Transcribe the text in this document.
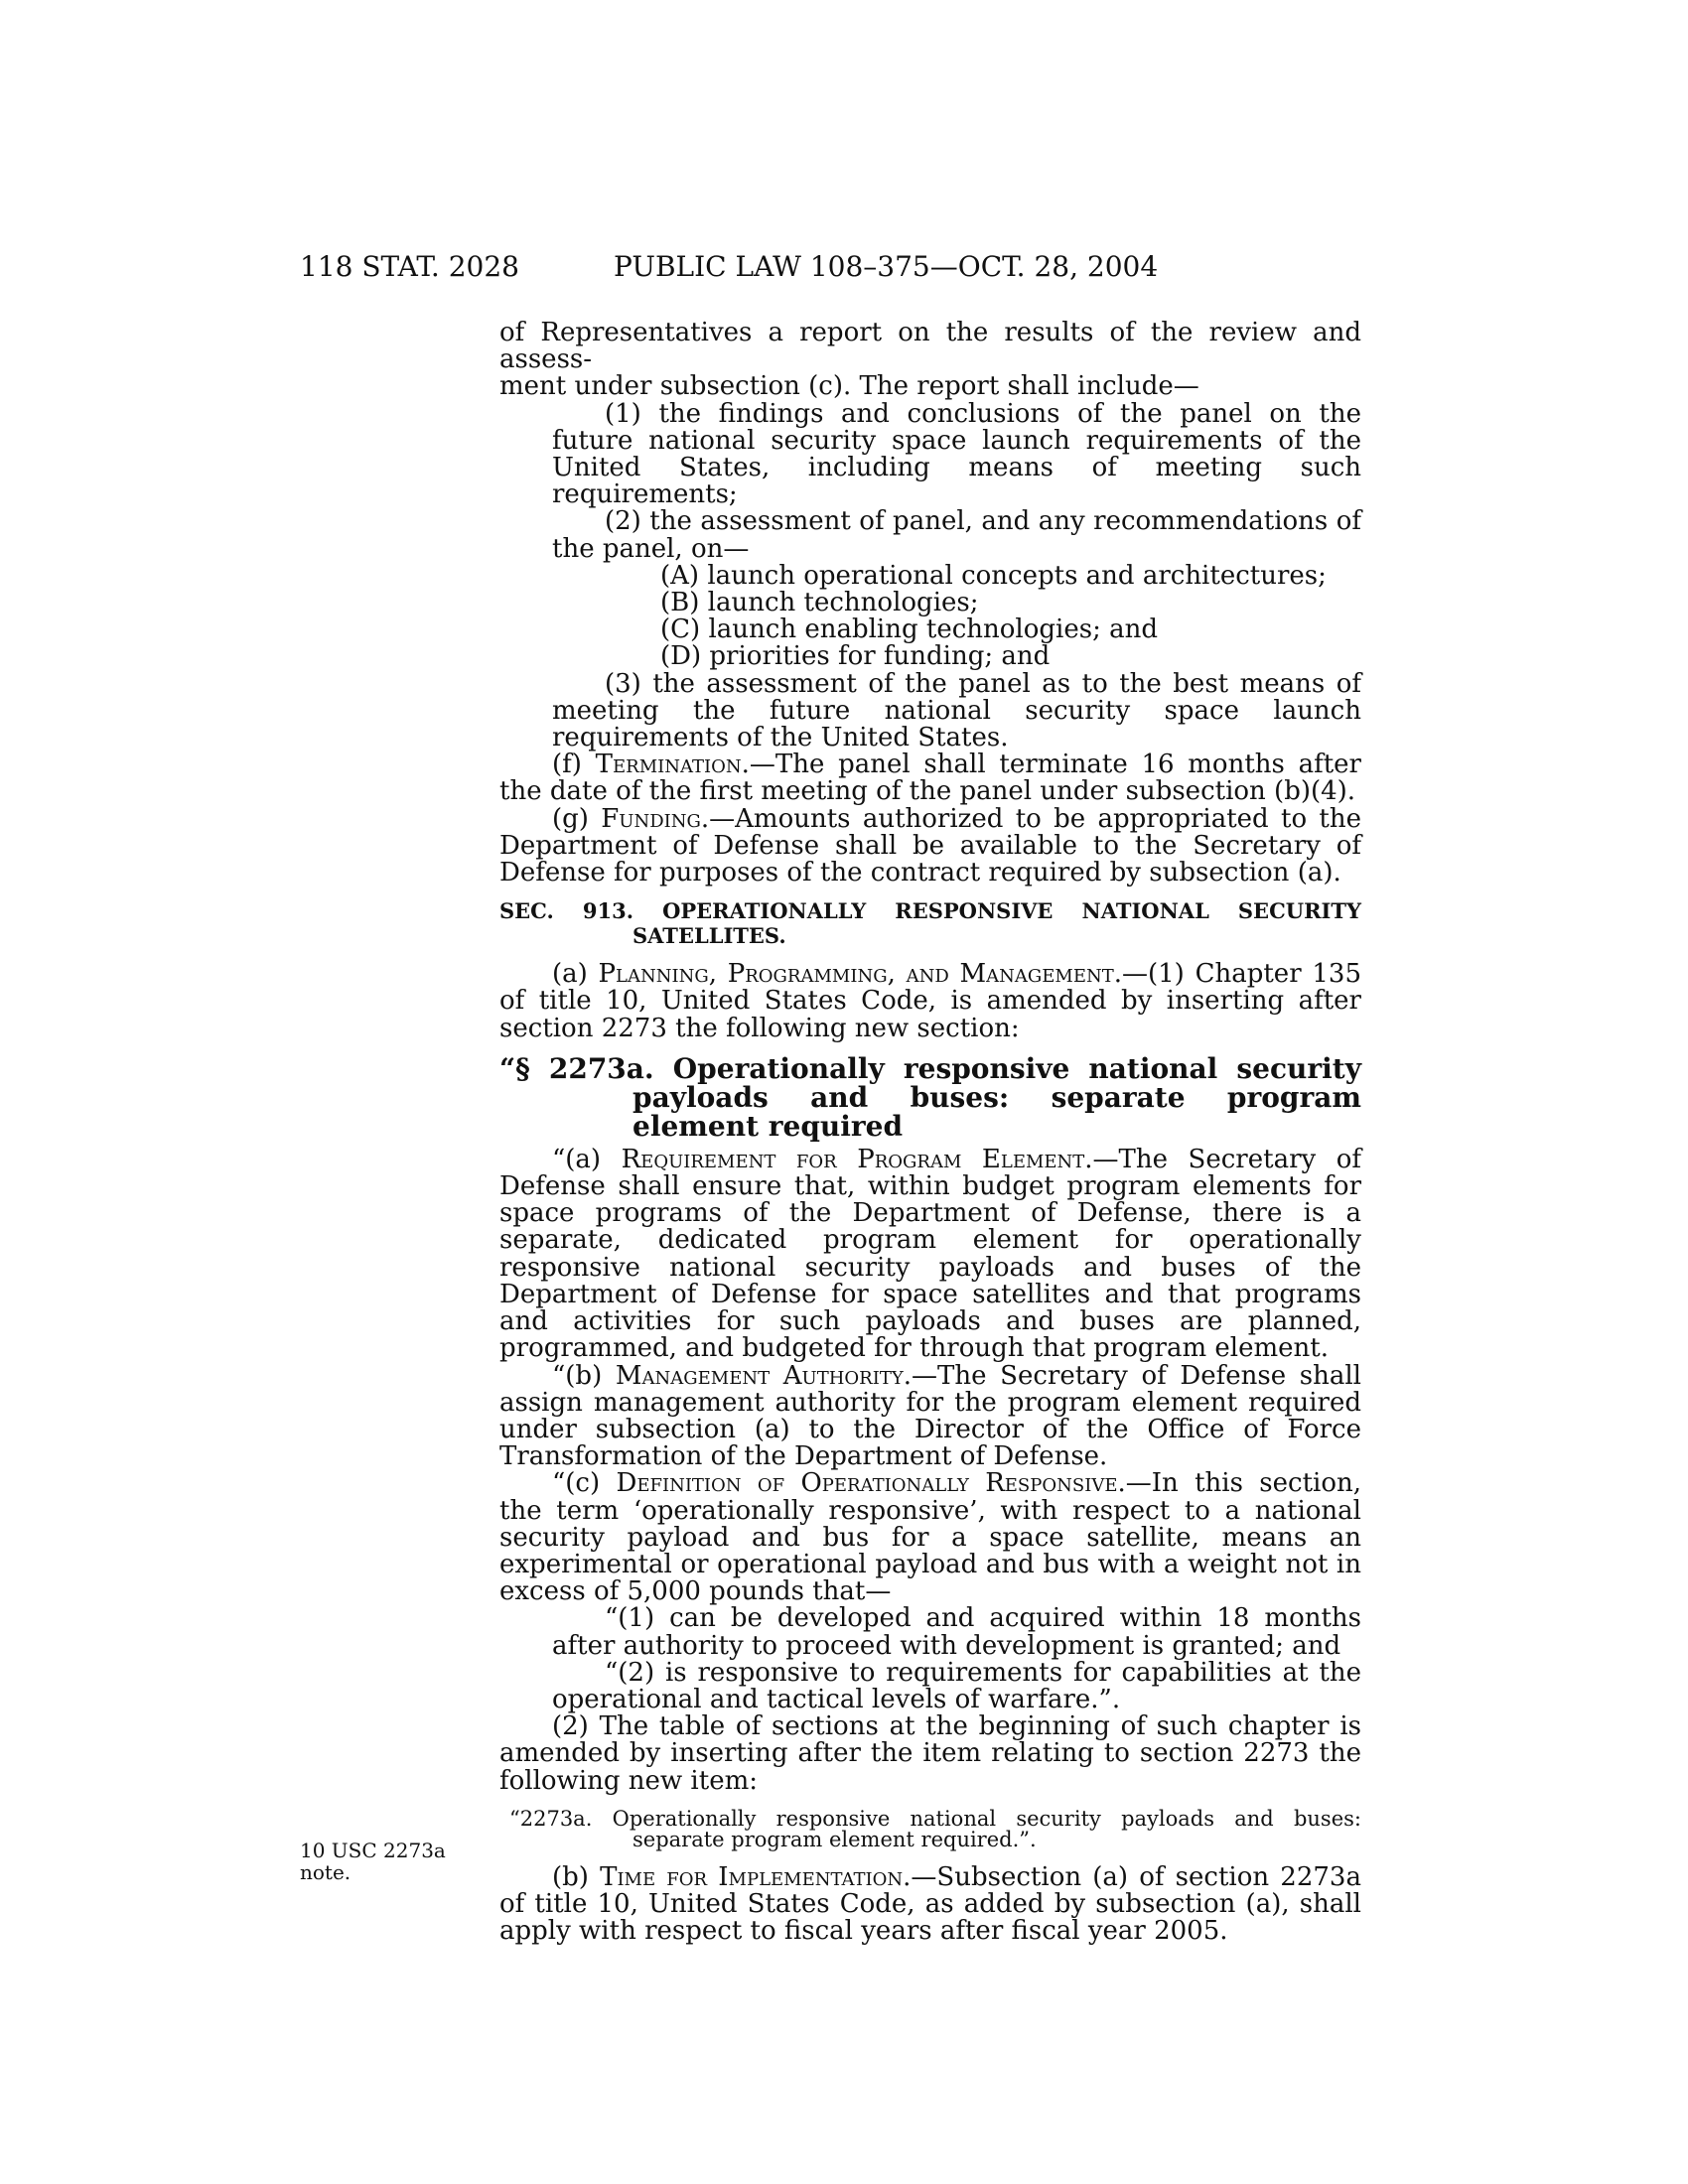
118 STAT. 2028	PUBLIC LAW 108–375—OCT. 28, 2004

of Representatives a report on the results of the review and assess-

ment under subsection (c). The report shall include—

(1) the findings and conclusions of the panel on the future national security space launch requirements of the United States, including means of meeting such requirements;

(2) the assessment of panel, and any recommendations of the panel, on—

(A) launch operational concepts and architectures;

(B) launch technologies;

(C) launch enabling technologies; and

(D) priorities for funding; and

(3) the assessment of the panel as to the best means of meeting the future national security space launch requirements of the United States.

(f) Termination.—The panel shall terminate 16 months after the date of the first meeting of the panel under subsection (b)(4).

(g) Funding.—Amounts authorized to be appropriated to the Department of Defense shall be available to the Secretary of Defense for purposes of the contract required by subsection (a).

SEC. 913. OPERATIONALLY RESPONSIVE NATIONAL SECURITY SATELLITES.

(a) Planning, Programming, and Management.—(1) Chapter 135 of title 10, United States Code, is amended by inserting after section 2273 the following new section:

“§ 2273a. Operationally responsive national security payloads and buses: separate program element required

“(a) Requirement for Program Element.—The Secretary of Defense shall ensure that, within budget program elements for space programs of the Department of Defense, there is a separate, dedicated program element for operationally responsive national security payloads and buses of the Department of Defense for space satellites and that programs and activities for such payloads and buses are planned, programmed, and budgeted for through that program element.

“(b) Management Authority.—The Secretary of Defense shall assign management authority for the program element required under subsection (a) to the Director of the Office of Force Transformation of the Department of Defense.

“(c) Definition of Operationally Responsive.—In this section, the term ‘operationally responsive’, with respect to a national security payload and bus for a space satellite, means an experimental or operational payload and bus with a weight not in excess of 5,000 pounds that—

“(1) can be developed and acquired within 18 months after authority to proceed with development is granted; and

“(2) is responsive to requirements for capabilities at the operational and tactical levels of warfare.”.

(2) The table of sections at the beginning of such chapter is amended by inserting after the item relating to section 2273 the following new item:

“2273a. Operationally responsive national security payloads and buses: separate program element required.”.

(b) Time for Implementation.—Subsection (a) of section 2273a of title 10, United States Code, as added by subsection (a), shall apply with respect to fiscal years after fiscal year 2005.

10 USC 2273a
note.
